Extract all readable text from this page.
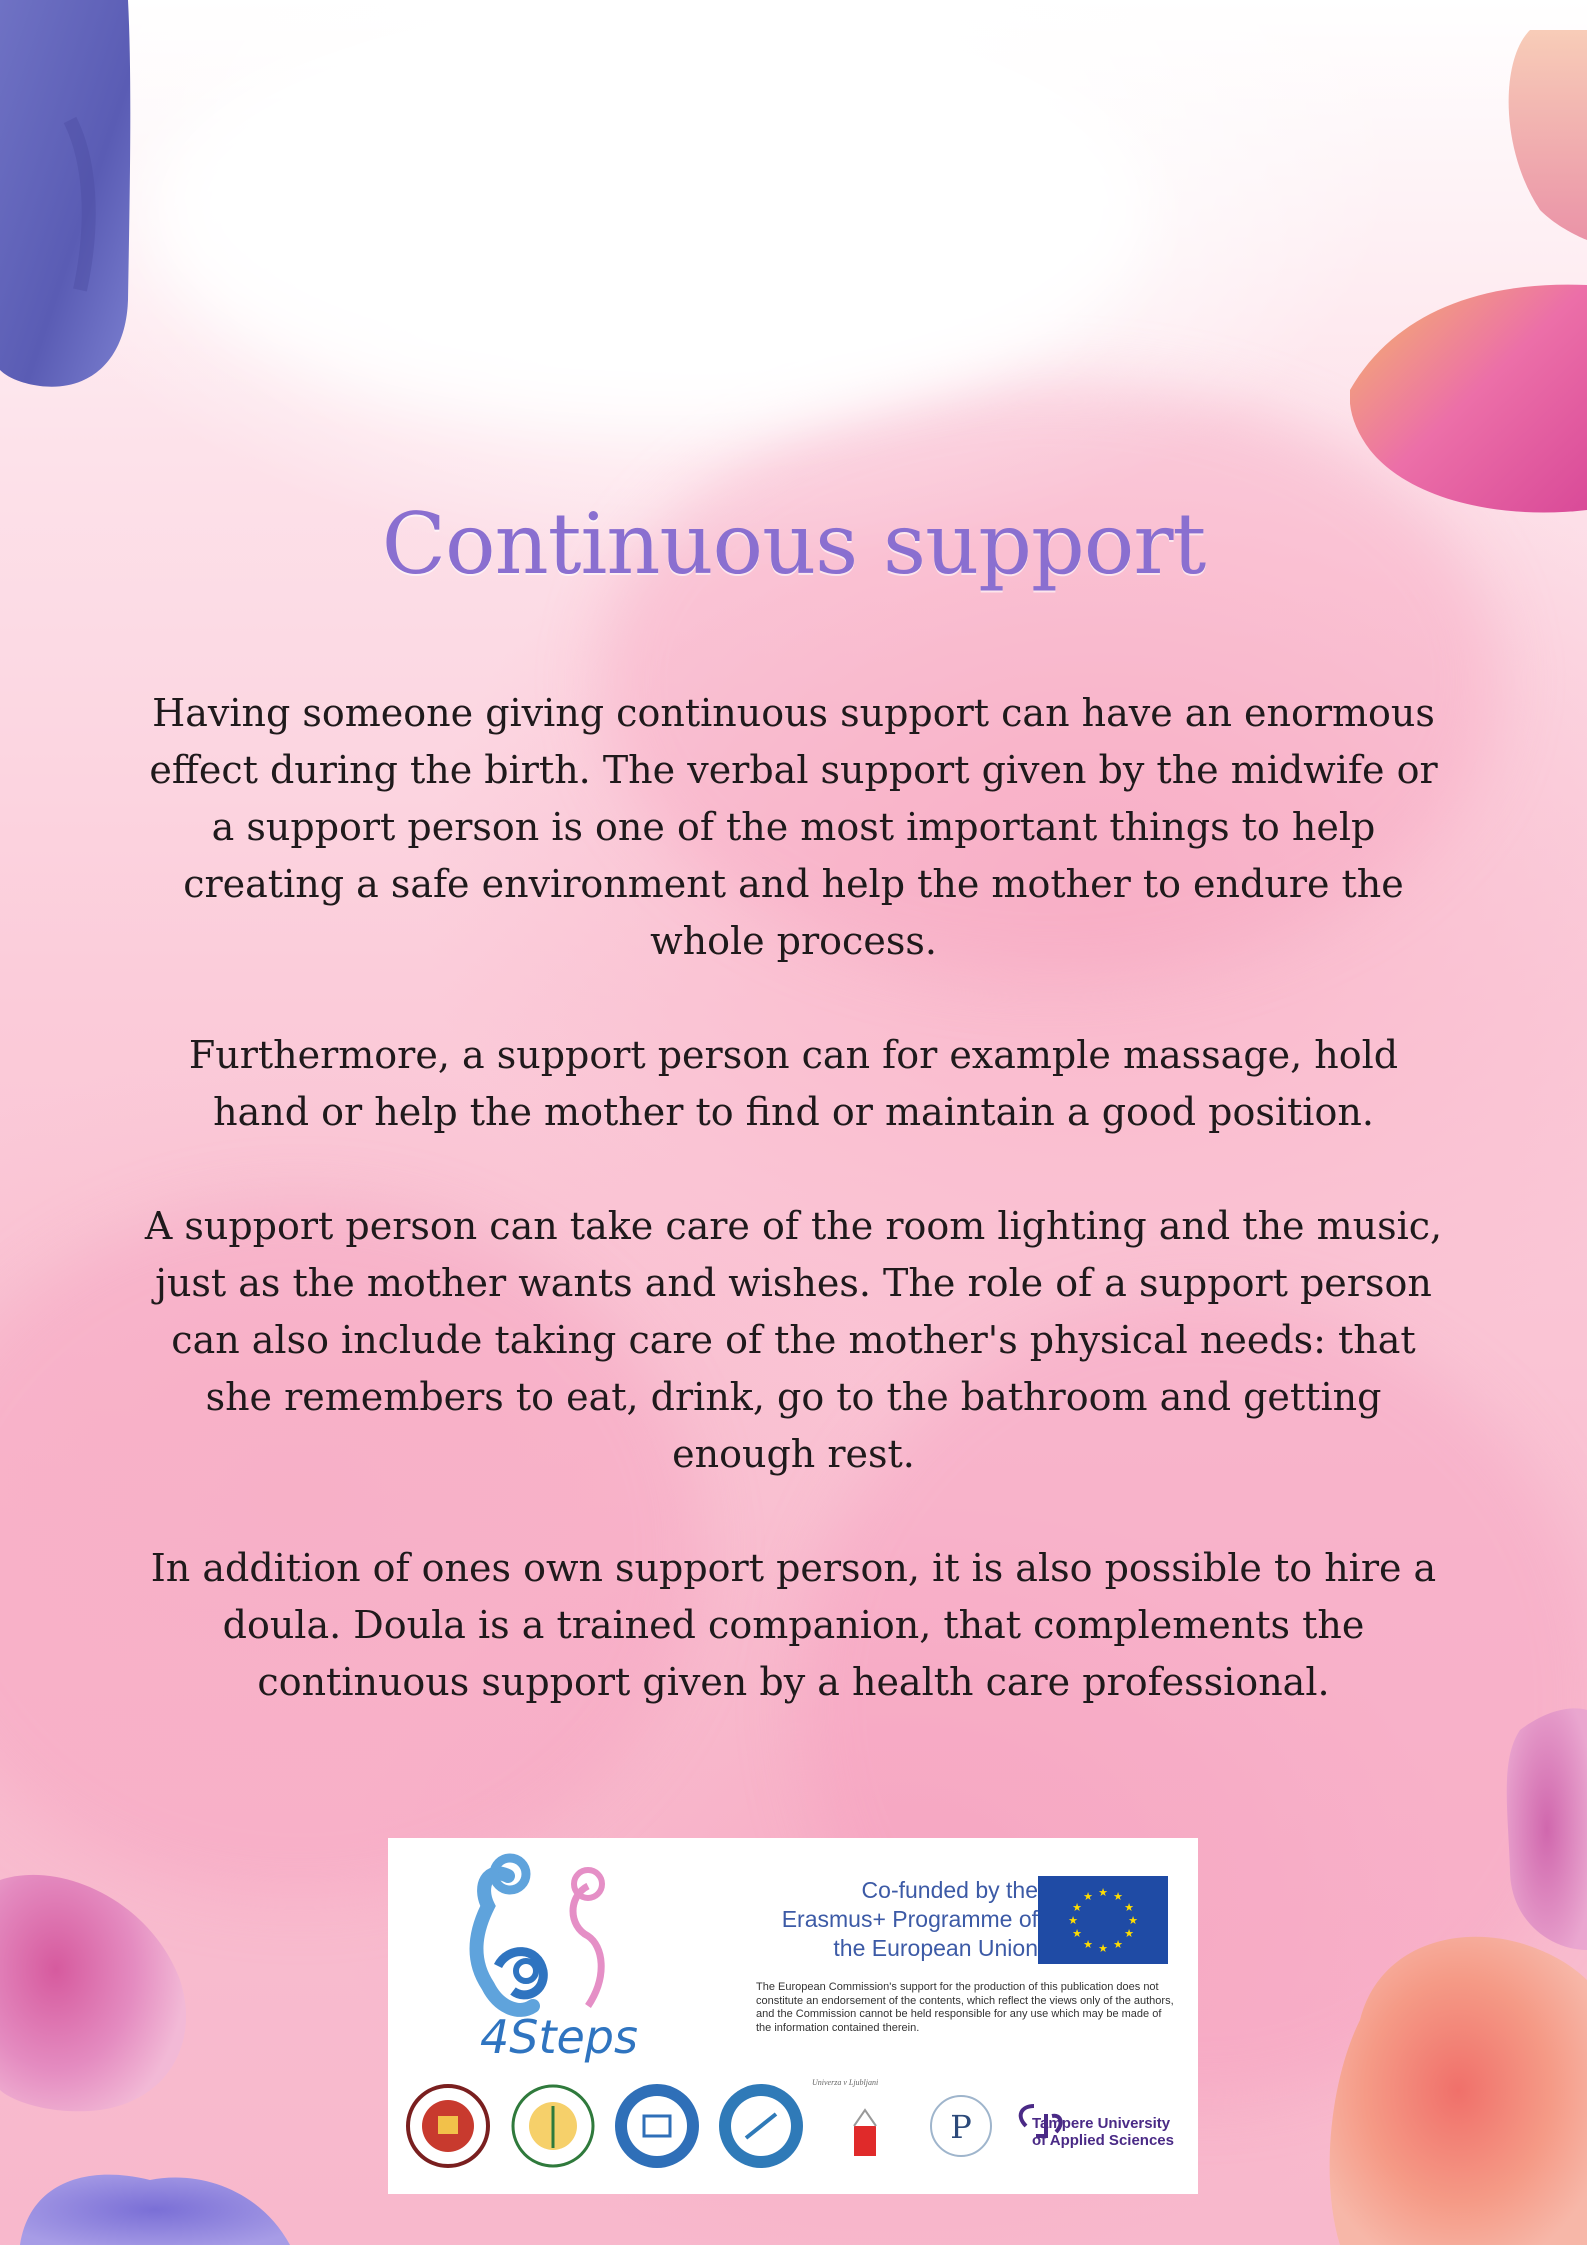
Continuous support

Having someone giving continuous support can have an enormous effect during the birth. The verbal support given by the midwife or a support person is one of the most important things to help creating a safe environment and help the mother to endure the whole process.

Furthermore, a support person can for example massage, hold hand or help the mother to find or maintain a good position.

A support person can take care of the room lighting and the music, just as the mother wants and wishes. The role of a support person can also include taking care of the mother's physical needs: that she remembers to eat, drink, go to the bathroom and getting enough rest.

In addition of ones own support person, it is also possible to hire a doula. Doula is a trained companion, that complements the continuous support given by a health care professional.

4Steps
Co-funded by the Erasmus+ Programme of the European Union
★ ★
★
★
★
★
★
★
★
★
★
★
The European Commission's support for the production of this publication does not constitute an endorsement of the contents, which reflect the views only of the authors, and the Commission cannot be held responsible for any use which may be made of the information contained therein.
P
Univerza v Ljubljani
Tampere University of Applied Sciences
